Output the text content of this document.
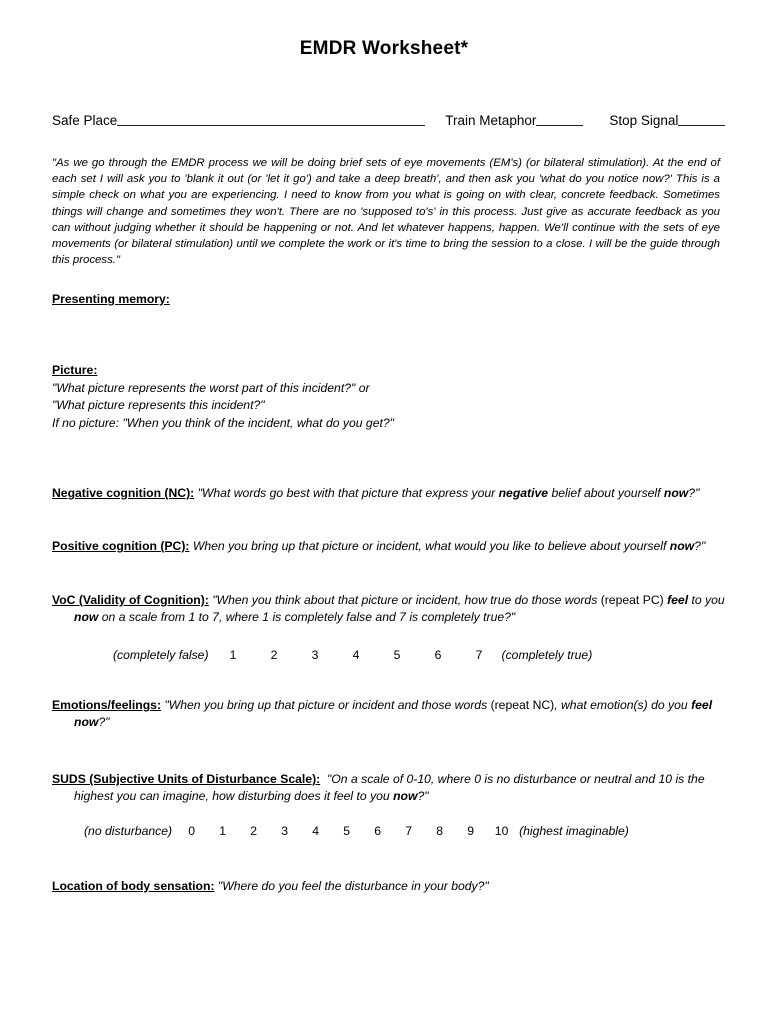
EMDR Worksheet*
Safe Place	Train Metaphor	Stop Signal
"As we go through the EMDR process we will be doing brief sets of eye movements (EM's) (or bilateral stimulation). At the end of each set I will ask you to 'blank it out (or 'let it go') and take a deep breath', and then ask you 'what do you notice now?' This is a simple check on what you are experiencing. I need to know from you what is going on with clear, concrete feedback. Sometimes things will change and sometimes they won't. There are no 'supposed to's' in this process. Just give as accurate feedback as you can without judging whether it should be happening or not. And let whatever happens, happen. We'll continue with the sets of eye movements (or bilateral stimulation) until we complete the work or it's time to bring the session to a close. I will be the guide through this process."
Presenting memory:
Picture:
"What picture represents the worst part of this incident?" or
"What picture represents this incident?"
If no picture: "When you think of the incident, what do you get?"
Negative cognition (NC): "What words go best with that picture that express your negative belief about yourself now?"
Positive cognition (PC): When you bring up that picture or incident, what would you like to believe about yourself now?"
VoC (Validity of Cognition): "When you think about that picture or incident, how true do those words (repeat PC) feel to you now on a scale from 1 to 7, where 1 is completely false and 7 is completely true?"
(completely false) 1	2	3	4	5	6	7 (completely true)
Emotions/feelings: "When you bring up that picture or incident and those words (repeat NC), what emotion(s) do you feel now?"
SUDS (Subjective Units of Disturbance Scale): "On a scale of 0-10, where 0 is no disturbance or neutral and 10 is the highest you can imagine, how disturbing does it feel to you now?"
(no disturbance) 0 1 2 3 4 5 6 7 8 9 10 (highest imaginable)
Location of body sensation: "Where do you feel the disturbance in your body?"
